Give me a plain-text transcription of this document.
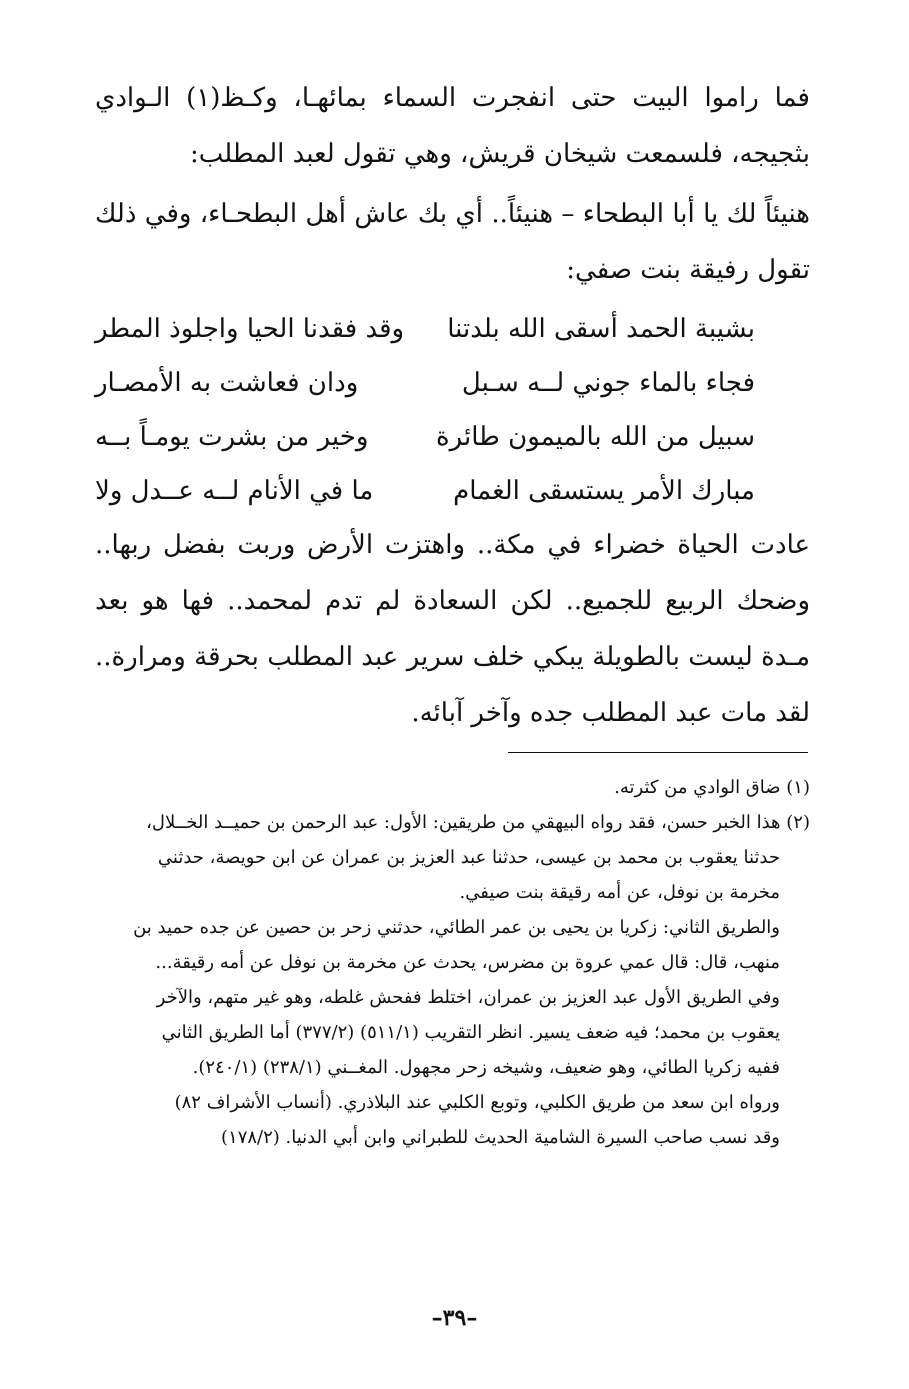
فما راموا البيت حتى انفجرت السماء بمائهـا، وكـظ(١) الـوادي بثجيجه، فلسمعت شيخان قريش، وهي تقول لعبد المطلب:

هنيئاً لك يا أبا البطحاء – هنيئاً.. أي بك عاش أهل البطحـاء، وفي ذلك تقول رفيقة بنت صفي:

بشيبة الحمد أسقى الله بلدتنا
وقد فقدنا الحيا واجلوذ المطر
فجاء بالماء جوني لــه سـبل
ودان فعاشت به الأمصـار
سبيل من الله بالميمون طائرة
وخير من بشرت يومـاً بــه
مبارك الأمر يستسقى الغمام
ما في الأنام لــه عــدل ولا

عادت الحياة خضراء في مكة.. واهتزت الأرض وربت بفضل ربها.. وضحك الربيع للجميع.. لكن السعادة لم تدم لمحمد.. فها هو بعد مـدة ليست بالطويلة يبكي خلف سرير عبد المطلب بحرقة ومرارة.. لقد مات عبد المطلب جده وآخر آبائه.

(١) ضاق الوادي من كثرته.

(٢) هذا الخبر حسن، فقد رواه البيهقي من طريقين: الأول: عبد الرحمن بن حميــد الخــلال،

حدثنا يعقوب بن محمد بن عيسى، حدثنا عبد العزيز بن عمران عن ابن حويصة، حدثني

مخرمة بن نوفل، عن أمه رقيقة بنت صيفي.

والطريق الثاني: زكريا بن يحيى بن عمر الطائي، حدثني زحر بن حصين عن جده حميد بن

منهب، قال: قال عمي عروة بن مضرس، يحدث عن مخرمة بن نوفل عن أمه رقيقة...

وفي الطريق الأول عبد العزيز بن عمران، اختلط ففحش غلطه، وهو غير متهم، والآخر

يعقوب بن محمد؛ فيه ضعف يسير. انظر التقريب (٥١١/١) (٣٧٧/٢) أما الطريق الثاني

ففيه زكريا الطائي، وهو ضعيف، وشيخه زحر مجهول. المغــني (٢٣٨/١) (٢٤٠/١).

ورواه ابن سعد من طريق الكلبي، وتوبع الكلبي عند البلاذري. (أنساب الأشراف ٨٢)

وقد نسب صاحب السيرة الشامية الحديث للطبراني وابن أبي الدنيا. (١٧٨/٢)

–٣٩–
